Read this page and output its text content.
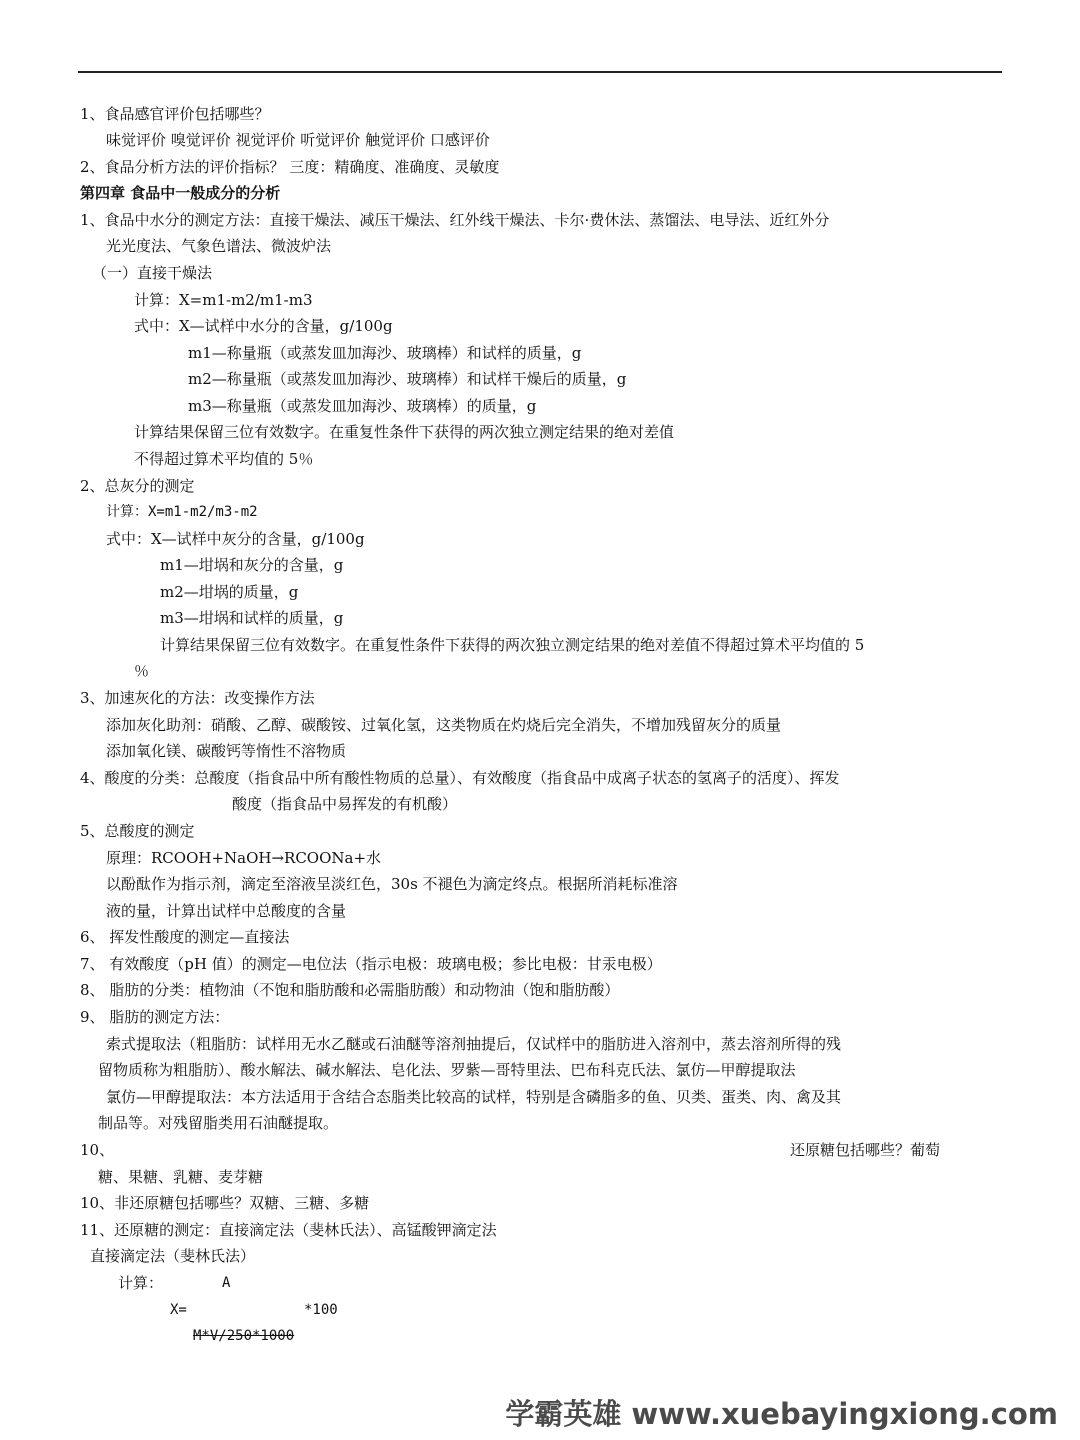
1、食品感官评价包括哪些？
味觉评价 嗅觉评价 视觉评价 听觉评价 触觉评价 口感评价
2、食品分析方法的评价指标？ 三度：精确度、准确度、灵敏度
第四章 食品中一般成分的分析
1、食品中水分的测定方法：直接干燥法、减压干燥法、红外线干燥法、卡尔·费休法、蒸馏法、电导法、近红外分
光光度法、气象色谱法、微波炉法
（一）直接干燥法
计算：X=m1-m2/m1-m3
式中：X—试样中水分的含量，g/100g
m1—称量瓶（或蒸发皿加海沙、玻璃棒）和试样的质量，g
m2—称量瓶（或蒸发皿加海沙、玻璃棒）和试样干燥后的质量，g
m3—称量瓶（或蒸发皿加海沙、玻璃棒）的质量，g
计算结果保留三位有效数字。在重复性条件下获得的两次独立测定结果的绝对差值
不得超过算术平均值的 5％
2、总灰分的测定
计算：X=m1-m2/m3-m2
式中：X—试样中灰分的含量，g/100g
m1—坩埚和灰分的含量，g
m2—坩埚的质量，g
m3—坩埚和试样的质量，g
计算结果保留三位有效数字。在重复性条件下获得的两次独立测定结果的绝对差值不得超过算术平均值的 5
％
3、加速灰化的方法：改变操作方法
添加灰化助剂：硝酸、乙醇、碳酸铵、过氧化氢，这类物质在灼烧后完全消失，不增加残留灰分的质量
添加氧化镁、碳酸钙等惰性不溶物质
4、酸度的分类：总酸度（指食品中所有酸性物质的总量）、有效酸度（指食品中成离子状态的氢离子的活度）、挥发
酸度（指食品中易挥发的有机酸）
5、总酸度的测定
原理：RCOOH+NaOH→RCOONa+水
以酚酞作为指示剂，滴定至溶液呈淡红色，30s 不褪色为滴定终点。根据所消耗标准溶
液的量，计算出试样中总酸度的含量
6、 挥发性酸度的测定—直接法
7、 有效酸度（pH 值）的测定—电位法（指示电极：玻璃电极；参比电极：甘汞电极）
8、 脂肪的分类：植物油（不饱和脂肪酸和必需脂肪酸）和动物油（饱和脂肪酸）
9、 脂肪的测定方法：
索式提取法（粗脂肪：试样用无水乙醚或石油醚等溶剂抽提后，仅试样中的脂肪进入溶剂中，蒸去溶剂所得的残
留物质称为粗脂肪）、酸水解法、碱水解法、皂化法、罗紫—哥特里法、巴布科克氏法、氯仿—甲醇提取法
氯仿—甲醇提取法：本方法适用于含结合态脂类比较高的试样，特别是含磷脂多的鱼、贝类、蛋类、肉、禽及其
制品等。对残留脂类用石油醚提取。
10、	还原糖包括哪些？葡萄
糖、果糖、乳糖、麦芽糖
10、非还原糖包括哪些？双糖、三糖、多糖
11、还原糖的测定：直接滴定法（斐林氏法）、高锰酸钾滴定法
直接滴定法（斐林氏法）
计算：	A
X=	*100
M*V/250*1000
学霸英雄 www.xuebayingxiong.com
